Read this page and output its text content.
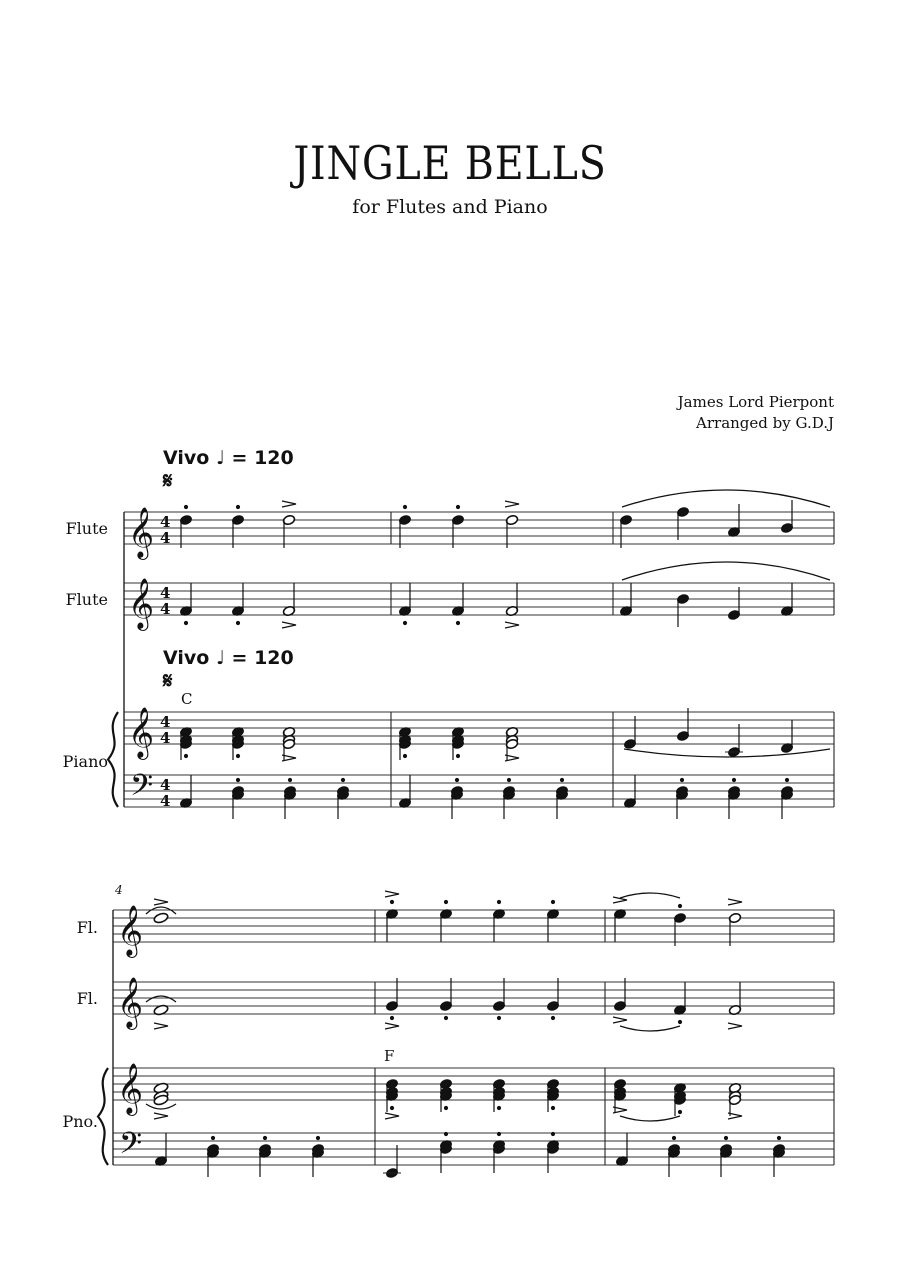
JINGLE BELLS
for Flutes and Piano
James Lord Pierpont
Arranged by G.D.J
Vivo ♩ = 120
𝄋
Vivo ♩ = 120
𝄋
Flute
Flute
Piano
Fl.
Fl.
Pno.
C
F
4
𝄞 4
4
𝄞 4
4
𝄞 4
4
𝄢 4
4
𝄞
𝄞
𝄞
𝄢
